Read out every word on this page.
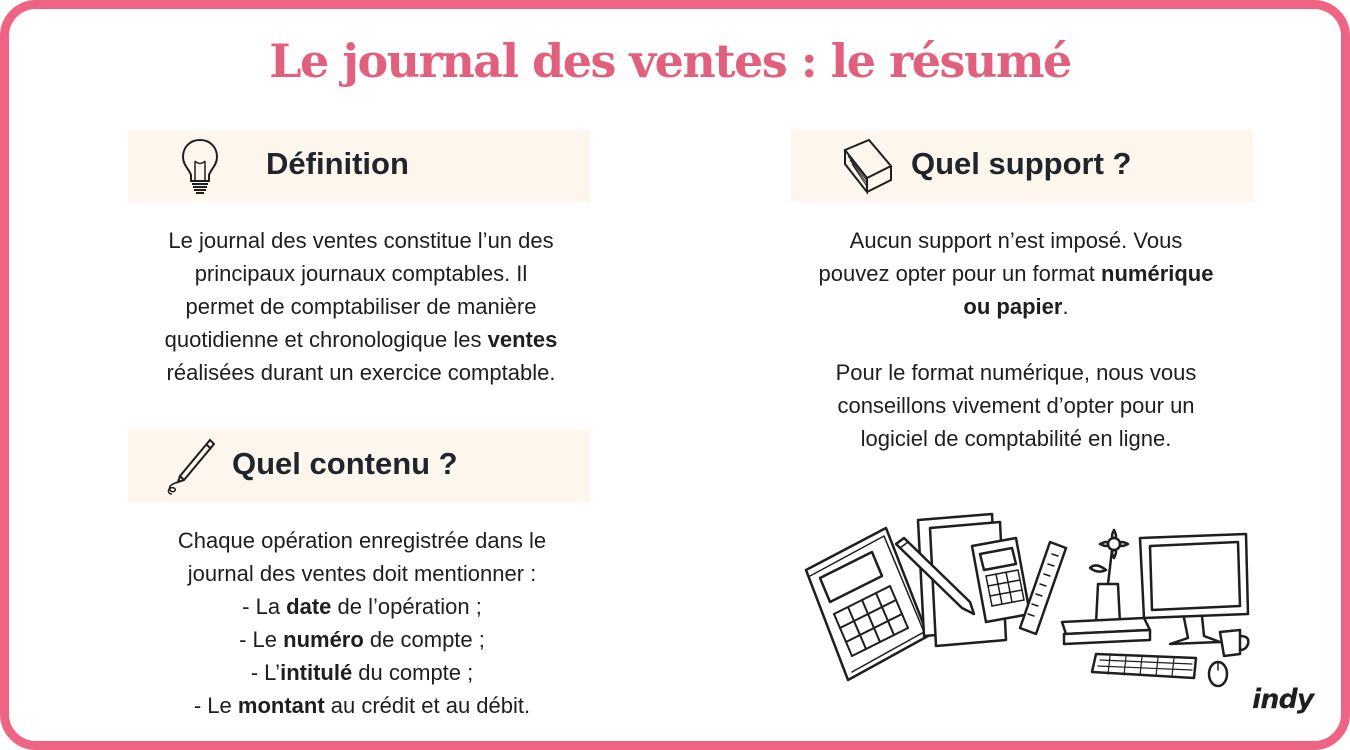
Le journal des ventes : le résumé
Définition
Le journal des ventes constitue l’un des
principaux journaux comptables. Il
permet de comptabiliser de manière
quotidienne et chronologique les ventes
réalisées durant un exercice comptable.
Quel contenu ?
Chaque opération enregistrée dans le
journal des ventes doit mentionner :
- La date de l’opération ;
- Le numéro de compte ;
- L’intitulé du compte ;
- Le montant au crédit et au débit.
Quel support ?
Aucun support n’est imposé. Vous
pouvez opter pour un format numérique
ou papier.

Pour le format numérique, nous vous
conseillons vivement d’opter pour un
logiciel de comptabilité en ligne.
indy
